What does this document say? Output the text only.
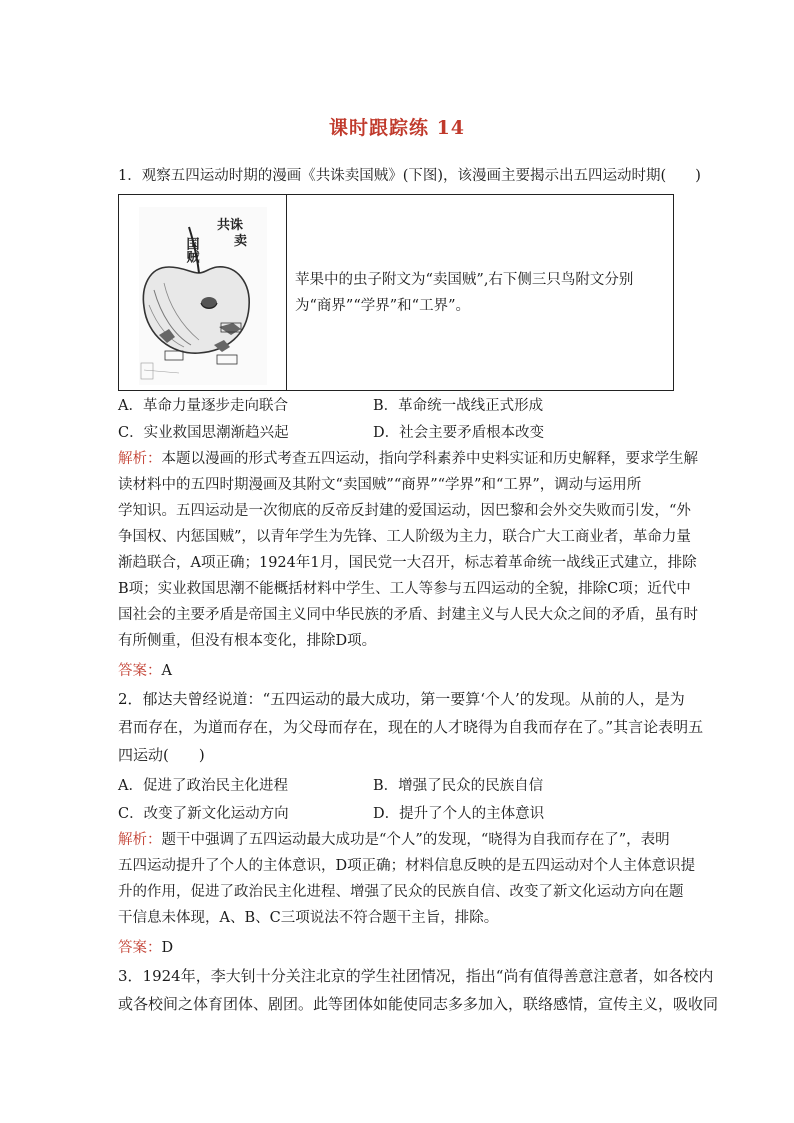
课时跟踪练 14
1．观察五四运动时期的漫画《共诛卖国贼》(下图)，该漫画主要揭示出五四运动时期(　　)
共诛
卖
国贼
苹果中的虫子附文为“卖国贼”,右下侧三只鸟附文分别为“商界”“学界”和“工界”。
A．革命力量逐步走向联合	B．革命统一战线正式形成
C．实业救国思潮渐趋兴起	D．社会主要矛盾根本改变
解析：本题以漫画的形式考查五四运动，指向学科素养中史料实证和历史解释，要求学生解
读材料中的五四时期漫画及其附文“卖国贼”“商界”“学界”和“工界”，调动与运用所
学知识。五四运动是一次彻底的反帝反封建的爱国运动，因巴黎和会外交失败而引发，“外
争国权、内惩国贼”，以青年学生为先锋、工人阶级为主力，联合广大工商业者，革命力量
渐趋联合，A项正确；1924年1月，国民党一大召开，标志着革命统一战线正式建立，排除
B项；实业救国思潮不能概括材料中学生、工人等参与五四运动的全貌，排除C项；近代中
国社会的主要矛盾是帝国主义同中华民族的矛盾、封建主义与人民大众之间的矛盾，虽有时
有所侧重，但没有根本变化，排除D项。
答案：A
2．郁达夫曾经说道：“五四运动的最大成功，第一要算‘个人’的发现。从前的人，是为
君而存在，为道而存在，为父母而存在，现在的人才晓得为自我而存在了。”其言论表明五
四运动(　　)
A．促进了政治民主化进程	B．增强了民众的民族自信
C．改变了新文化运动方向	D．提升了个人的主体意识
解析：题干中强调了五四运动最大成功是“个人”的发现，“晓得为自我而存在了”，表明
五四运动提升了个人的主体意识，D项正确；材料信息反映的是五四运动对个人主体意识提
升的作用，促进了政治民主化进程、增强了民众的民族自信、改变了新文化运动方向在题
干信息未体现，A、B、C三项说法不符合题干主旨，排除。
答案：D
3．1924年，李大钊十分关注北京的学生社团情况，指出“尚有值得善意注意者，如各校内
或各校间之体育团体、剧团。此等团体如能使同志多多加入，联络感情，宣传主义，吸收同
